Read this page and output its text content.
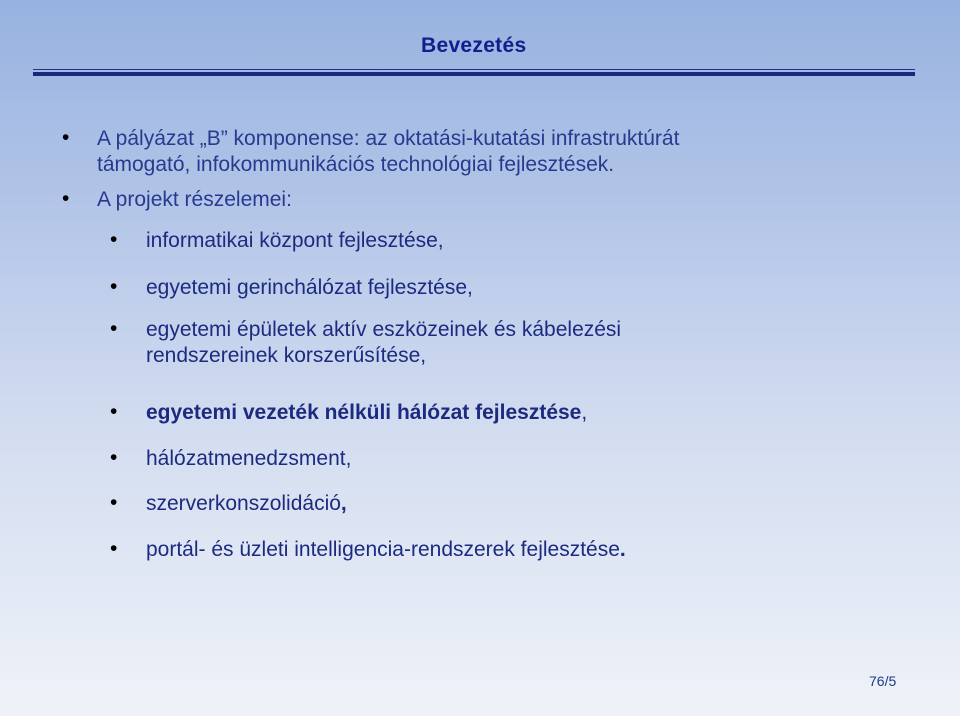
Bevezetés
• A pályázat „B” komponense: az oktatási-kutatási infrastruktúrát
támogató, infokommunikációs technológiai fejlesztések.
• A projekt részelemei:
• informatikai központ fejlesztése,
• egyetemi gerinchálózat fejlesztése,
• egyetemi épületek aktív eszközeinek és kábelezési
rendszereinek korszerűsítése,
• egyetemi vezeték nélküli hálózat fejlesztése,
• hálózatmenedzsment,
• szerverkonszolidáció,
• portál- és üzleti intelligencia-rendszerek fejlesztése.
76/5
